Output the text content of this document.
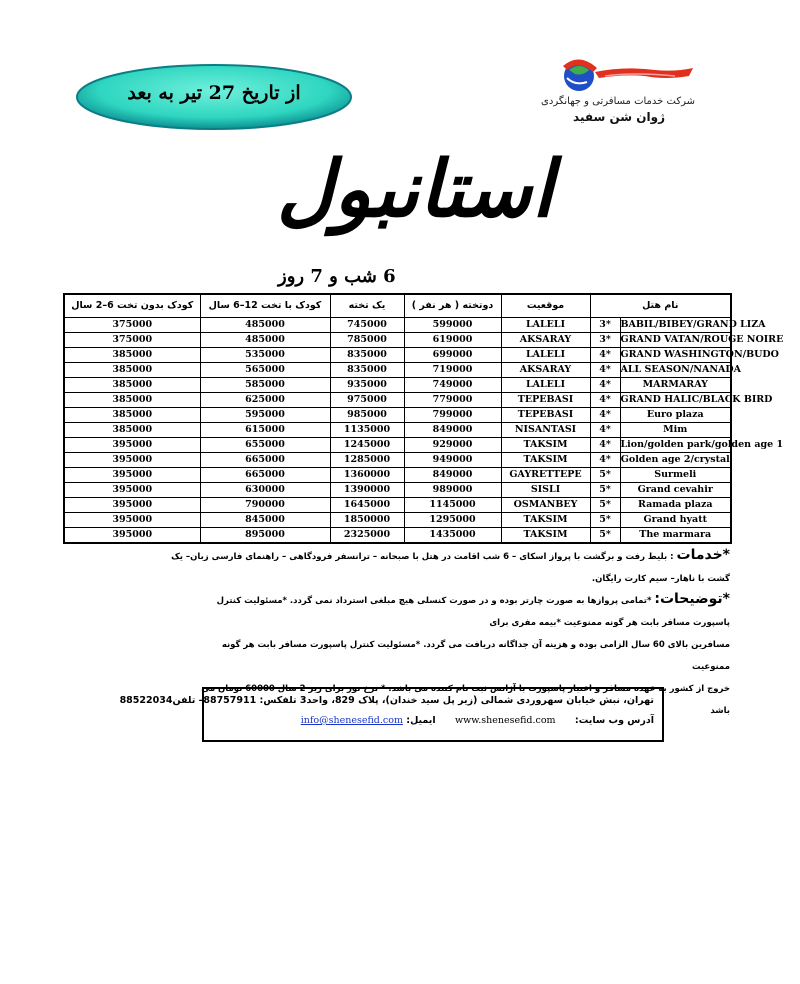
از تاریخ 27 تیر به بعد	شرکت خدمات مسافرتی و جهانگردی
ژوان شن سفید
استانبول
6 شب و 7 روز
کودک بدون تخت 6–2 سال	کودک با تخت 12–6 سال	یک تخته	دوتخته ( هر نفر )	موقعیت	نام هتل	
375000	485000	745000	599000	LALELI	3*	BABIL/BIBEY/GRAND LIZA
375000	485000	785000	619000	AKSARAY	3*	GRAND VATAN/ROUGE NOIRE
385000	535000	835000	699000	LALELI	4*	GRAND WASHINGTON/BUDO
385000	565000	835000	719000	AKSARAY	4*	ALL SEASON/NANADA
385000	585000	935000	749000	LALELI	4*	MARMARAY
385000	625000	975000	779000	TEPEBASI	4*	GRAND HALIC/BLACK BIRD
385000	595000	985000	799000	TEPEBASI	4*	Euro plaza
385000	615000	1135000	849000	NISANTASI	4*	Mim
395000	655000	1245000	929000	TAKSIM	4*	Lion/golden park/golden age 1
395000	665000	1285000	949000	TAKSIM	4*	Golden age 2/crystal
395000	665000	1360000	849000	GAYRETTEPE	5*	Surmeli
395000	630000	1390000	989000	SISLI	5*	Grand cevahir
395000	790000	1645000	1145000	OSMANBEY	5*	Ramada plaza
395000	845000	1850000	1295000	TAKSIM	5*	Grand hyatt
395000	895000	2325000	1435000	TAKSIM	5*	The marmara
*خدمات : بلیط رفت و برگشت با پرواز اسکای – 6 شب اقامت در هتل با صبحانه – ترانسفر فرودگاهی – راهنمای فارسی زبان– یک
گشت با ناهار– سیم کارت رایگان.
*توضیحات: *تمامی پروازها به صورت چارتر بوده و در صورت کنسلی هیچ مبلغی استرداد نمی گردد. *مسئولیت کنترل پاسپورت مسافر بابت هر گونه ممنوعیت *بیمه مفری برای
مسافرین بالای 60 سال الزامی بوده و هزینه آن جداگانه دریافت می گردد. *مسئولیت کنترل پاسپورت مسافر بابت هر گونه ممنوعیت
خروج از کشور به عهده مسافر و اعتبار پاسپورت با آژانس ثبت نام کننده می باشد. * نرخ تور برای زیر 2 سال 60000 تومان می باشد
تهران، نبش خیابان سهروردی شمالی (زیر پل سید خندان)، پلاک 829، واحد3 تلفکس: 88757911– تلفن88522034
آدرس وب سایت: www.shenesefid.com ایمیل: info@shenesefid.com
